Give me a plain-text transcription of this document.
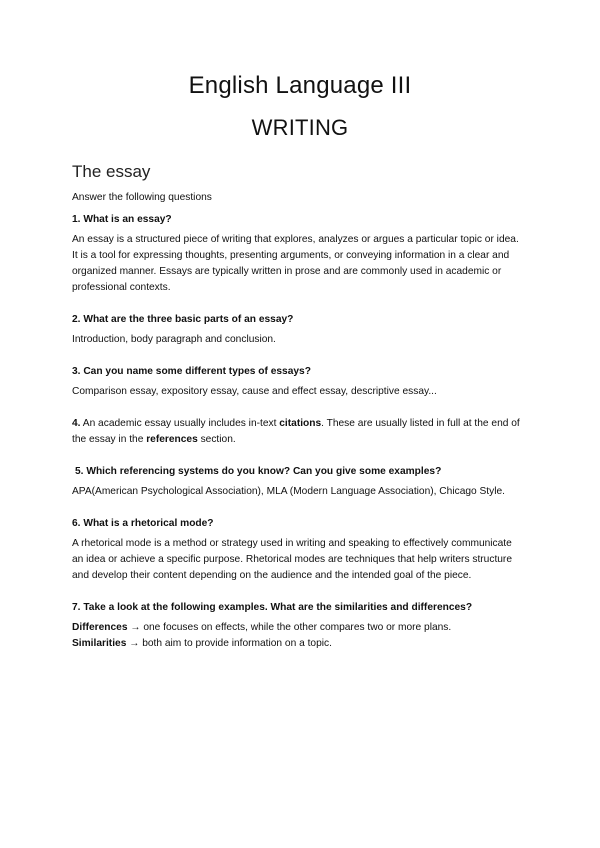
English Language III
WRITING
The essay

Answer the following questions

1. What is an essay?

An essay is a structured piece of writing that explores, analyzes or argues a particular topic or idea. It is a tool for expressing thoughts, presenting arguments, or conveying information in a clear and organized manner. Essays are typically written in prose and are commonly used in academic or professional contexts.

2. What are the three basic parts of an essay?

Introduction, body paragraph and conclusion.

3. Can you name some different types of essays?

Comparison essay, expository essay, cause and effect essay, descriptive essay...

4. An academic essay usually includes in-text citations. These are usually listed in full at the end of the essay in the references section.

5. Which referencing systems do you know? Can you give some examples?

APA(American Psychological Association), MLA (Modern Language Association), Chicago Style.

6. What is a rhetorical mode?

A rhetorical mode is a method or strategy used in writing and speaking to effectively communicate an idea or achieve a specific purpose. Rhetorical modes are techniques that help writers structure and develop their content depending on the audience and the intended goal of the piece.

7. Take a look at the following examples. What are the similarities and differences?

Differences → one focuses on effects, while the other compares two or more plans.
Similarities → both aim to provide information on a topic.
